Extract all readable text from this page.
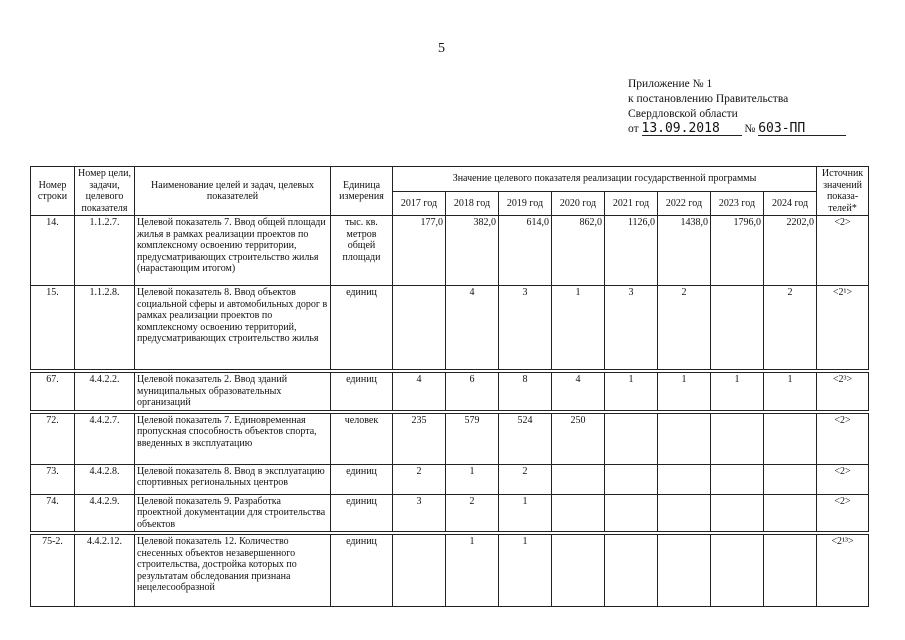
5
Приложение № 1
к постановлению Правительства
Свердловской области
от 13.09.2018 № 603-ПП
Номер строки	Номер цели, задачи, целевого показателя	Наименование целей и задач, целевых показателей	Единица измерения	Значение целевого показателя реализации государственной программы								Источник значений показа-телей*
				2017 год	2018 год	2019 год	2020 год	2021 год	2022 год	2023 год	2024 год	
14.	1.1.2.7.	Целевой показатель 7. Ввод общей площади жилья в рамках реализации проектов по комплексному освоению территории, предусматривающих строительство жилья (нарастающим итогом)	тыс. кв. метров общей площади	177,0	382,0	614,0	862,0	1126,0	1438,0	1796,0	2202,0	<2>
15.	1.1.2.8.	Целевой показатель 8. Ввод объектов социальной сферы и автомобильных дорог в рамках реализации проектов по комплексному освоению территорий, предусматривающих строительство жилья	единиц		4	3	1	3	2		2	<2¹>

67.	4.4.2.2.	Целевой показатель 2. Ввод зданий муниципальных образовательных организаций	единиц	4	6	8	4	1	1	1	1	<2³>

72.	4.4.2.7.	Целевой показатель 7. Единовременная пропускная способность объектов спорта, введенных в эксплуатацию	человек	235	579	524	250					<2>
73.	4.4.2.8.	Целевой показатель 8. Ввод в эксплуатацию спортивных региональных центров	единиц	2	1	2						<2>
74.	4.4.2.9.	Целевой показатель 9. Разработка проектной документации для строительства объектов	единиц	3	2	1						<2>

75-2.	4.4.2.12.	Целевой показатель 12. Количество снесенных объектов незавершенного строительства, достройка которых по результатам обследования признана нецелесообразной	единиц		1	1						<2¹³>
